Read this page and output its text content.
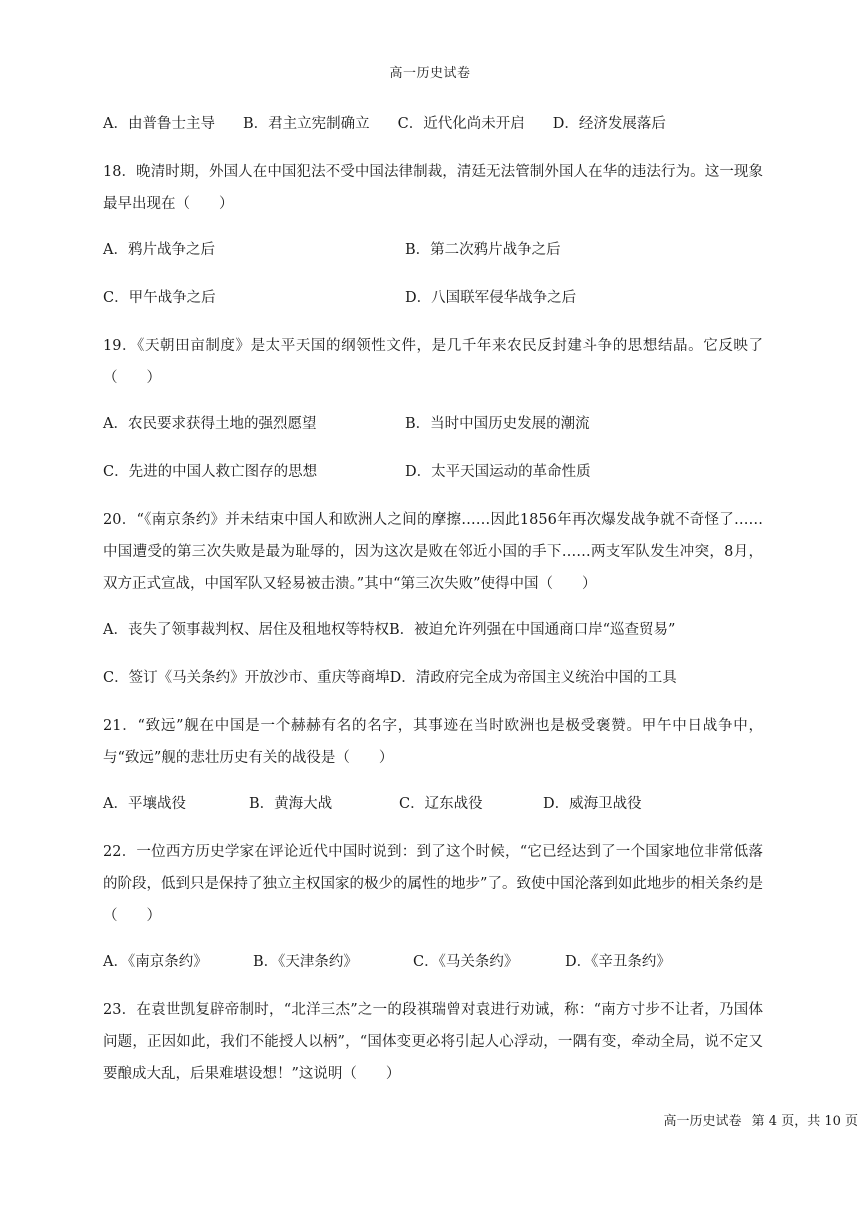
高一历史试卷
A．由普鲁士主导 B．君主立宪制确立 C．近代化尚未开启 D．经济发展落后

18．晚清时期，外国人在中国犯法不受中国法律制裁，清廷无法管制外国人在华的违法行为。这一现象最早出现在（　　）

A．鸦片战争之后	B．第二次鸦片战争之后
C．甲午战争之后	D．八国联军侵华战争之后

19．《天朝田亩制度》是太平天国的纲领性文件，是几千年来农民反封建斗争的思想结晶。它反映了（　　）

A．农民要求获得土地的强烈愿望	B．当时中国历史发展的潮流
C．先进的中国人救亡图存的思想	D．太平天国运动的革命性质

20．“《南京条约》并未结束中国人和欧洲人之间的摩擦……因此1856年再次爆发战争就不奇怪了……中国遭受的第三次失败是最为耻辱的，因为这次是败在邻近小国的手下……两支军队发生冲突，8月，双方正式宣战，中国军队又轻易被击溃。”其中“第三次失败”使得中国（　　）

A．丧失了领事裁判权、居住及租地权等特权 B．被迫允许列强在中国通商口岸“巡查贸易”
C．签订《马关条约》开放沙市、重庆等商埠 D．清政府完全成为帝国主义统治中国的工具

21．“致远”舰在中国是一个赫赫有名的名字，其事迹在当时欧洲也是极受褒赞。甲午中日战争中，与“致远”舰的悲壮历史有关的战役是（　　）

A．平壤战役	B．黄海大战	C．辽东战役	D．威海卫战役

22．一位西方历史学家在评论近代中国时说到：到了这个时候，“它已经达到了一个国家地位非常低落的阶段，低到只是保持了独立主权国家的极少的属性的地步”了。致使中国沦落到如此地步的相关条约是（　　）

A．《南京条约》	B．《天津条约》	C．《马关条约》	D．《辛丑条约》

23．在袁世凯复辟帝制时，“北洋三杰”之一的段祺瑞曾对袁进行劝诫，称：“南方寸步不让者，乃国体问题，正因如此，我们不能授人以柄”，“国体变更必将引起人心浮动，一隅有变，牵动全局，说不定又要酿成大乱，后果难堪设想！”这说明（　　）

高一历史试卷 第 4 页，共 10 页
